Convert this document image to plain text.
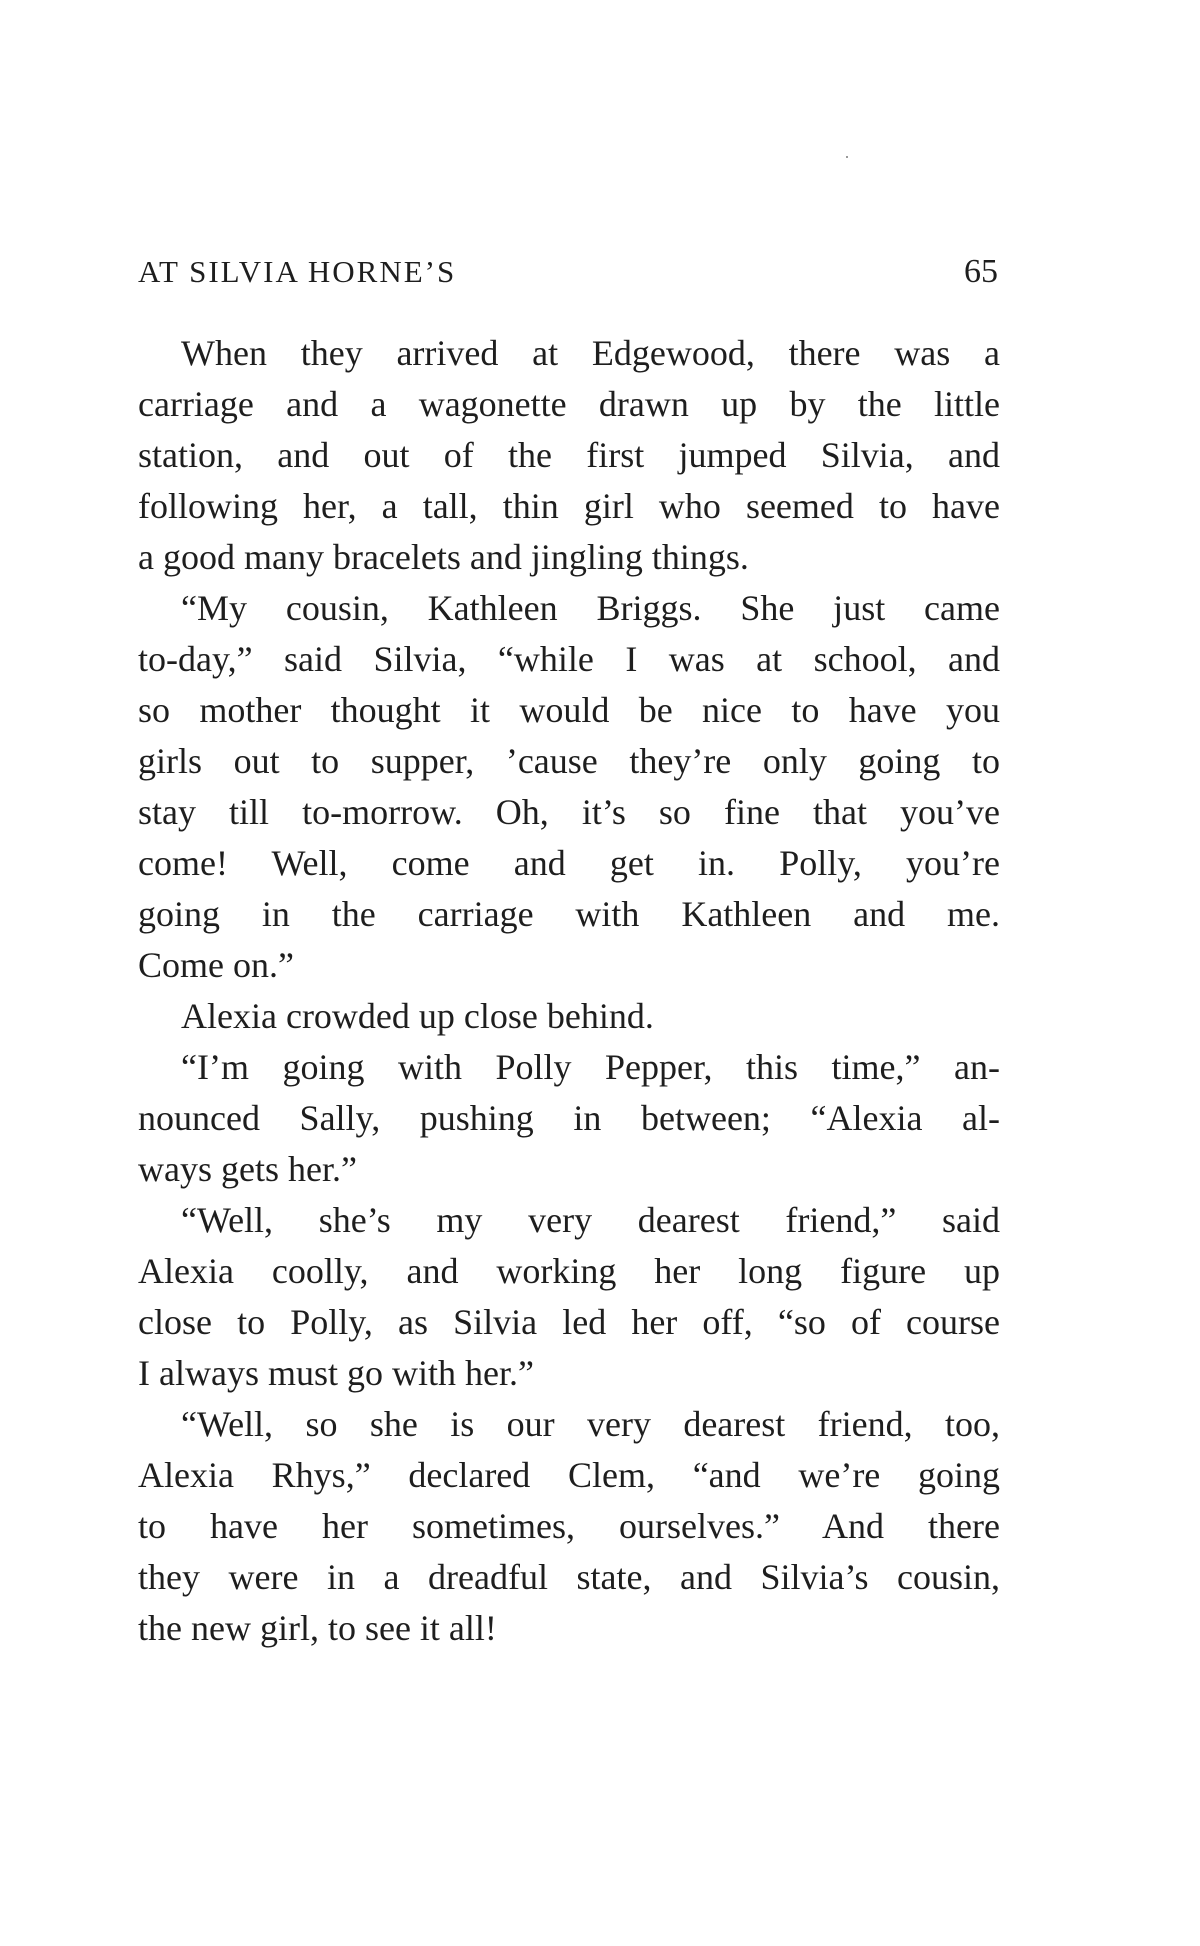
AT SILVIA HORNE’S	65
When they arrived at Edgewood, there was a
carriage and a wagonette drawn up by the little
station, and out of the first jumped Silvia, and
following her, a tall, thin girl who seemed to have
a good many bracelets and jingling things.
“My cousin, Kathleen Briggs. She just came
to-day,” said Silvia, “while I was at school, and
so mother thought it would be nice to have you
girls out to supper, ’cause they’re only going to
stay till to-morrow. Oh, it’s so fine that you’ve
come! Well, come and get in. Polly, you’re
going in the carriage with Kathleen and me.
Come on.”
Alexia crowded up close behind.
“I’m going with Polly Pepper, this time,” an-
nounced Sally, pushing in between; “Alexia al-
ways gets her.”
“Well, she’s my very dearest friend,” said
Alexia coolly, and working her long figure up
close to Polly, as Silvia led her off, “so of course
I always must go with her.”
“Well, so she is our very dearest friend, too,
Alexia Rhys,” declared Clem, “and we’re going
to have her sometimes, ourselves.” And there
they were in a dreadful state, and Silvia’s cousin,
the new girl, to see it all!
